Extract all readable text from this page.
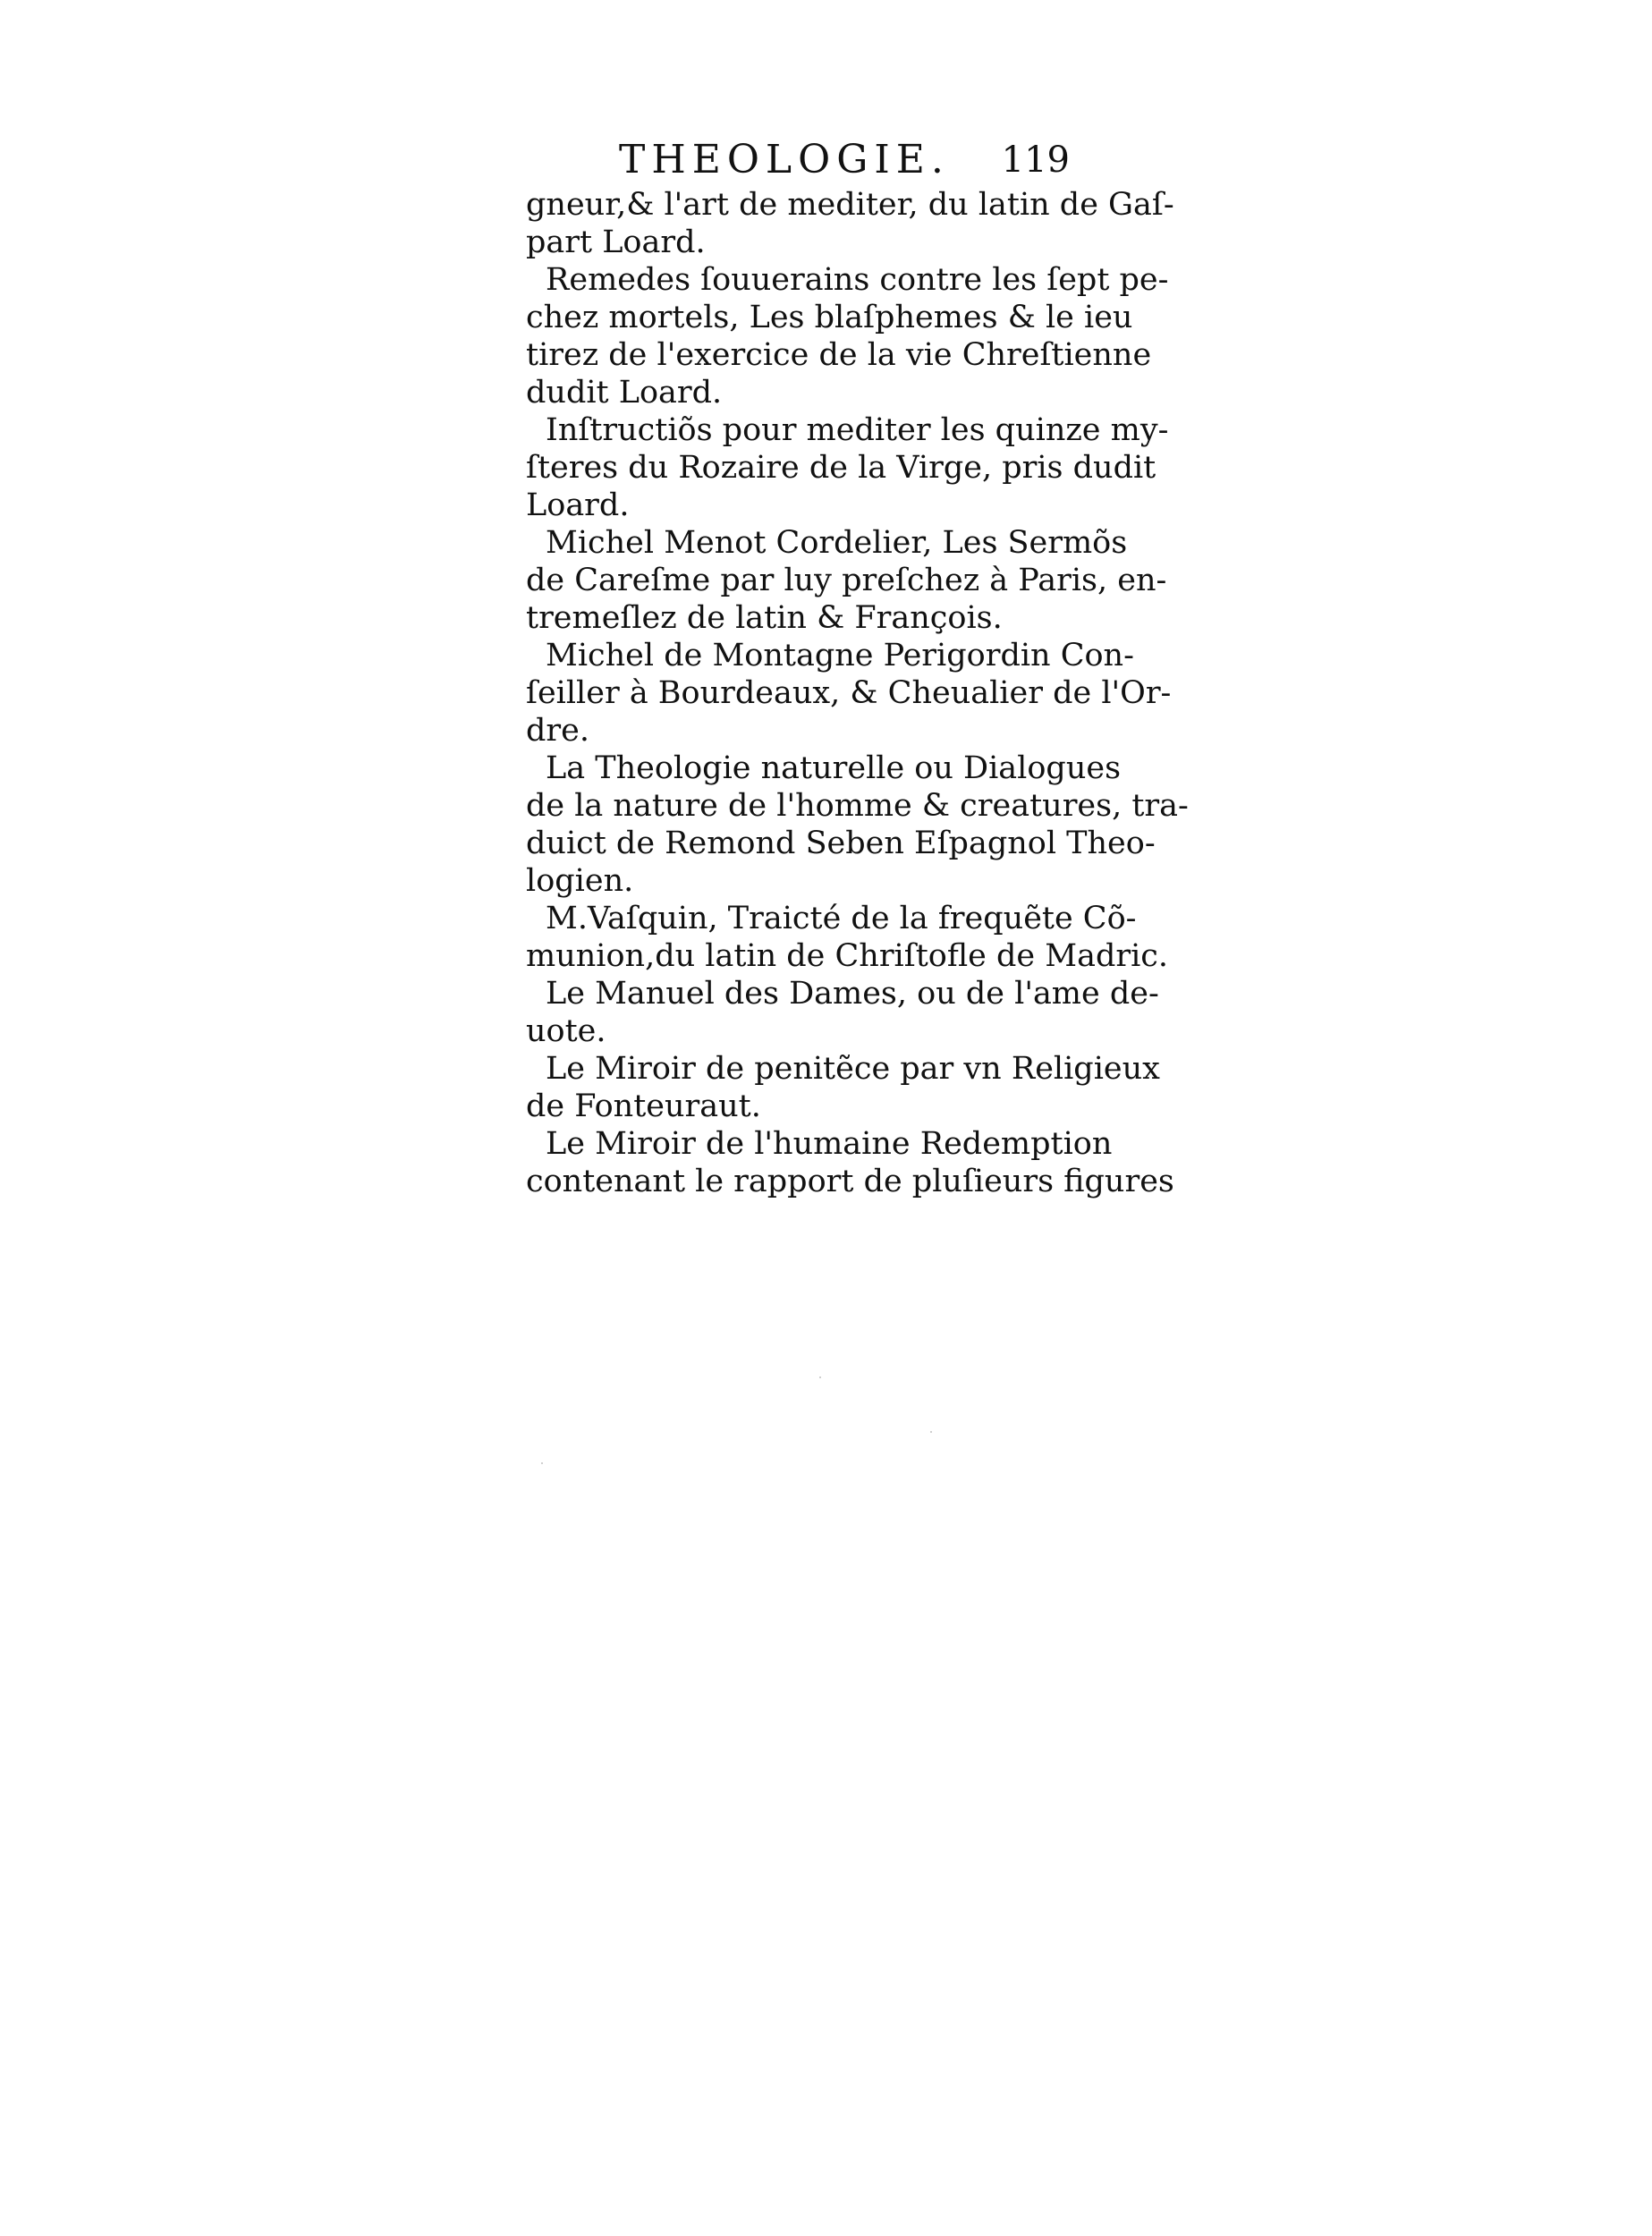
THEOLOGIE. 119
gneur,& l'art de mediter, du latin de Gaſ-
part Loard.
Remedes ſouuerains contre les ſept pe-
chez mortels, Les blaſphemes & le ieu
tirez de l'exercice de la vie Chreſtienne
dudit Loard.
Inſtructiõs pour mediter les quinze my-
ſteres du Rozaire de la Virge, pris dudit
Loard.
Michel Menot Cordelier, Les Sermõs
de Careſme par luy preſchez à Paris, en-
tremeſlez de latin & François.
Michel de Montagne Perigordin Con-
ſeiller à Bourdeaux, & Cheualier de l'Or-
dre.
La Theologie naturelle ou Dialogues
de la nature de l'homme & creatures, tra-
duict de Remond Seben Eſpagnol Theo-
logien.
M.Vaſquin, Traicté de la frequẽte Cõ-
munion,du latin de Chriſtofle de Madric.
Le Manuel des Dames, ou de l'ame de-
uote.
Le Miroir de penitẽce par vn Religieux
de Fonteuraut.
Le Miroir de l'humaine Redemption
contenant le rapport de pluſieurs figures
